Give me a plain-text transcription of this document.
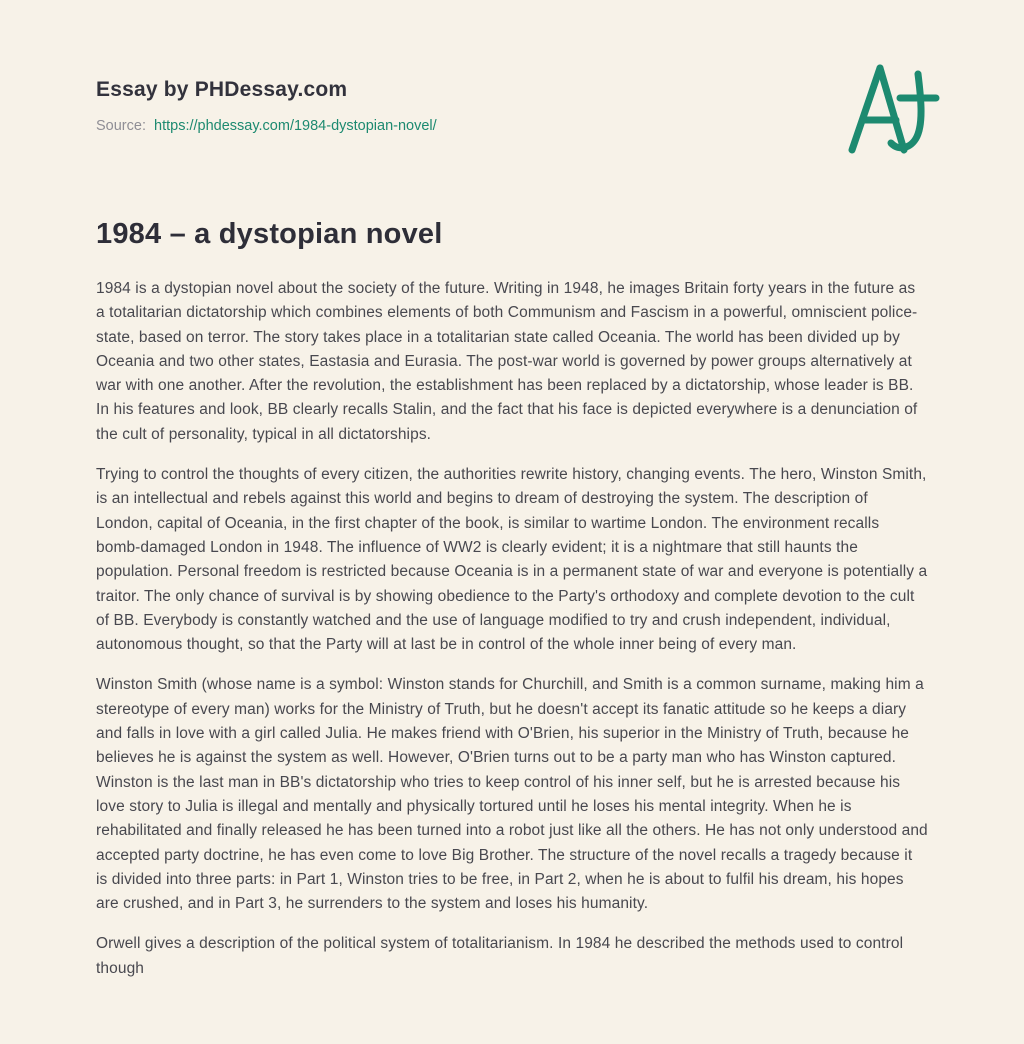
Essay by PHDessay.com
Source: https://phdessay.com/1984-dystopian-novel/
1984 – a dystopian novel

1984 is a dystopian novel about the society of the future. Writing in 1948, he images Britain forty years in the future as a totalitarian dictatorship which combines elements of both Communism and Fascism in a powerful, omniscient police-state, based on terror. The story takes place in a totalitarian state called Oceania. The world has been divided up by Oceania and two other states, Eastasia and Eurasia. The post-war world is governed by power groups alternatively at war with one another. After the revolution, the establishment has been replaced by a dictatorship, whose leader is BB. In his features and look, BB clearly recalls Stalin, and the fact that his face is depicted everywhere is a denunciation of the cult of personality, typical in all dictatorships.

Trying to control the thoughts of every citizen, the authorities rewrite history, changing events. The hero, Winston Smith, is an intellectual and rebels against this world and begins to dream of destroying the system. The description of London, capital of Oceania, in the first chapter of the book, is similar to wartime London. The environment recalls bomb-damaged London in 1948. The influence of WW2 is clearly evident; it is a nightmare that still haunts the population. Personal freedom is restricted because Oceania is in a permanent state of war and everyone is potentially a traitor. The only chance of survival is by showing obedience to the Party's orthodoxy and complete devotion to the cult of BB. Everybody is constantly watched and the use of language modified to try and crush independent, individual, autonomous thought, so that the Party will at last be in control of the whole inner being of every man.

Winston Smith (whose name is a symbol: Winston stands for Churchill, and Smith is a common surname, making him a stereotype of every man) works for the Ministry of Truth, but he doesn't accept its fanatic attitude so he keeps a diary and falls in love with a girl called Julia. He makes friend with O'Brien, his superior in the Ministry of Truth, because he believes he is against the system as well. However, O'Brien turns out to be a party man who has Winston captured. Winston is the last man in BB's dictatorship who tries to keep control of his inner self, but he is arrested because his love story to Julia is illegal and mentally and physically tortured until he loses his mental integrity. When he is rehabilitated and finally released he has been turned into a robot just like all the others. He has not only understood and accepted party doctrine, he has even come to love Big Brother. The structure of the novel recalls a tragedy because it is divided into three parts: in Part 1, Winston tries to be free, in Part 2, when he is about to fulfil his dream, his hopes are crushed, and in Part 3, he surrenders to the system and loses his humanity.

Orwell gives a description of the political system of totalitarianism. In 1984 he described the methods used to control though
